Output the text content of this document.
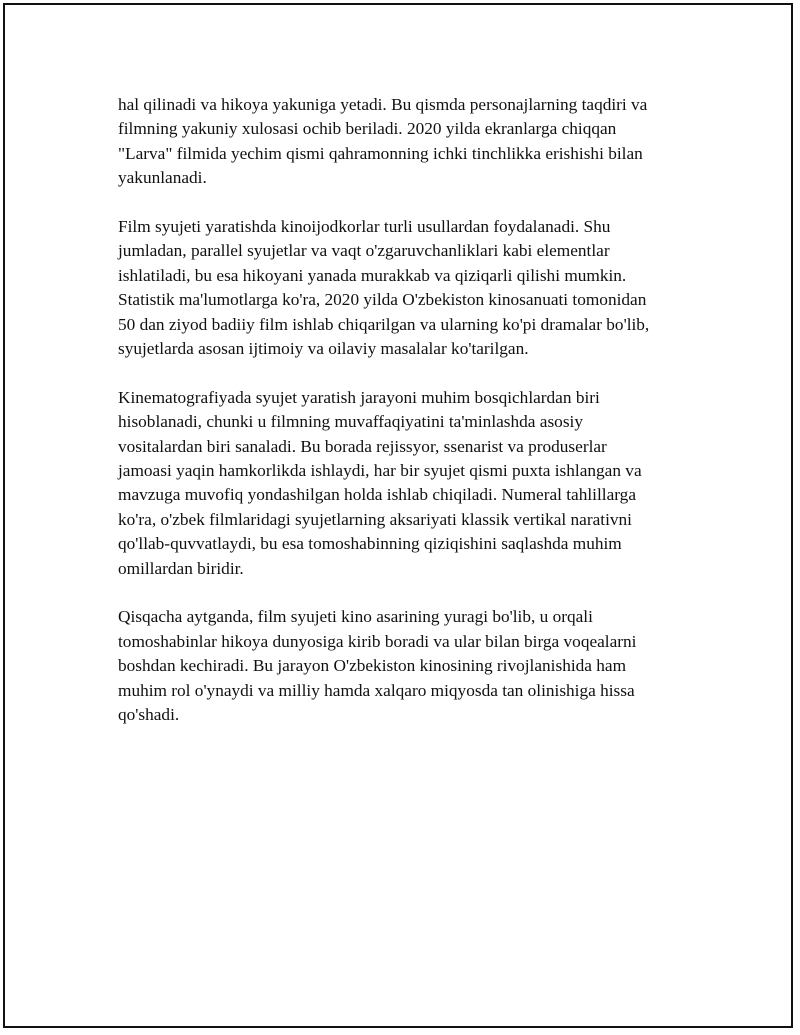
hal qilinadi va hikoya yakuniga yetadi. Bu qismda personajlarning taqdiri va
filmning yakuniy xulosasi ochib beriladi. 2020 yilda ekranlarga chiqqan
"Larva" filmida yechim qismi qahramonning ichki tinchlikka erishishi bilan
yakunlanadi.

Film syujeti yaratishda kinoijodkorlar turli usullardan foydalanadi. Shu
jumladan, parallel syujetlar va vaqt o'zgaruvchanliklari kabi elementlar
ishlatiladi, bu esa hikoyani yanada murakkab va qiziqarli qilishi mumkin.
Statistik ma'lumotlarga ko'ra, 2020 yilda O'zbekiston kinosanuati tomonidan
50 dan ziyod badiiy film ishlab chiqarilgan va ularning ko'pi dramalar bo'lib,
syujetlarda asosan ijtimoiy va oilaviy masalalar ko'tarilgan.

Kinematografiyada syujet yaratish jarayoni muhim bosqichlardan biri
hisoblanadi, chunki u filmning muvaffaqiyatini ta'minlashda asosiy
vositalardan biri sanaladi. Bu borada rejissyor, ssenarist va produserlar
jamoasi yaqin hamkorlikda ishlaydi, har bir syujet qismi puxta ishlangan va
mavzuga muvofiq yondashilgan holda ishlab chiqiladi. Numeral tahlillarga
ko'ra, o'zbek filmlaridagi syujetlarning aksariyati klassik vertikal narativni
qo'llab-quvvatlaydi, bu esa tomoshabinning qiziqishini saqlashda muhim
omillardan biridir.

Qisqacha aytganda, film syujeti kino asarining yuragi bo'lib, u orqali
tomoshabinlar hikoya dunyosiga kirib boradi va ular bilan birga voqealarni
boshdan kechiradi. Bu jarayon O'zbekiston kinosining rivojlanishida ham
muhim rol o'ynaydi va milliy hamda xalqaro miqyosda tan olinishiga hissa
qo'shadi.
